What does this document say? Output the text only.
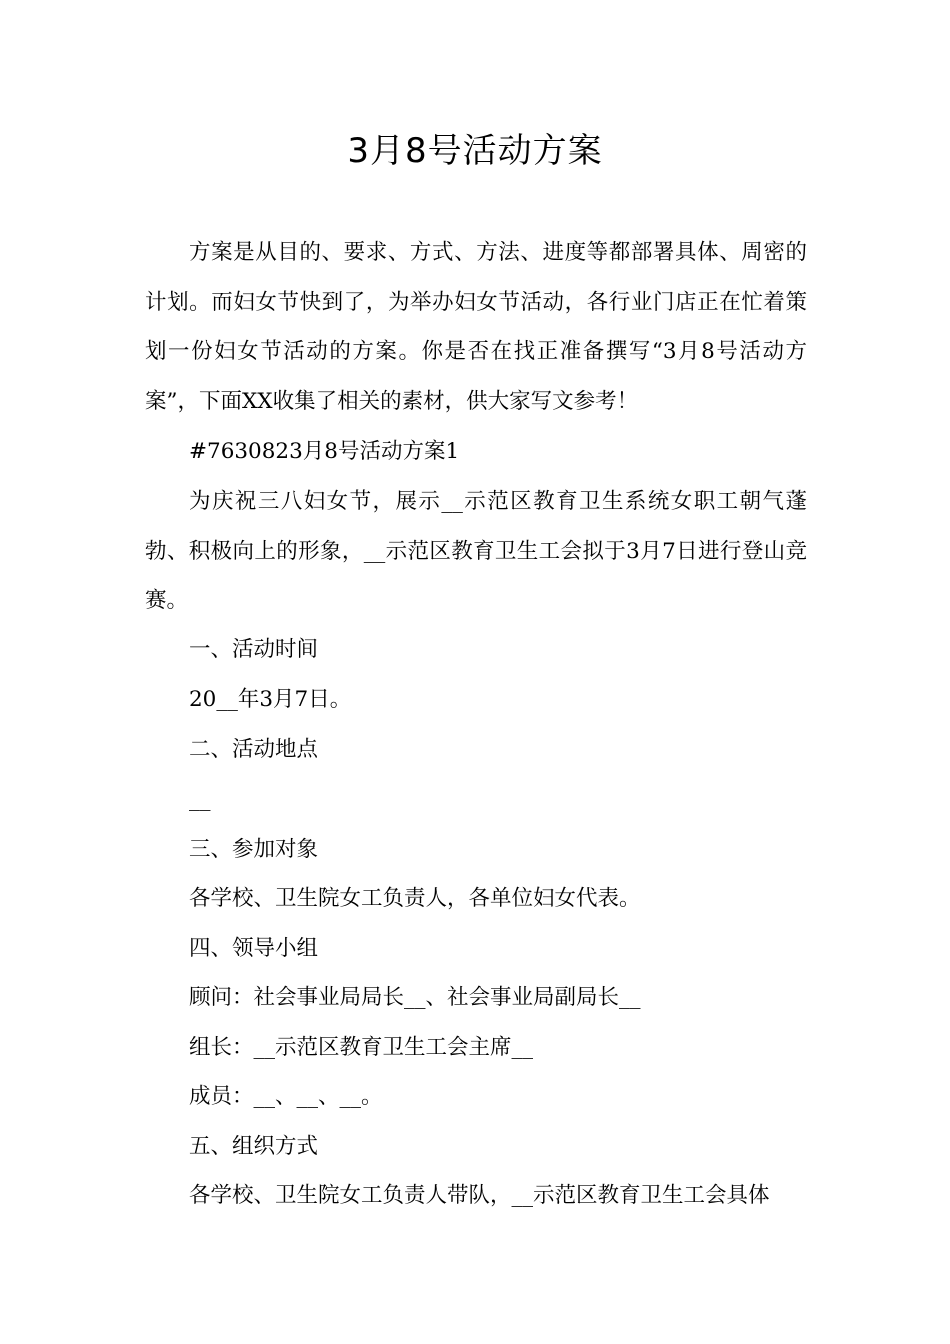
3月8号活动方案

方案是从目的、要求、方式、方法、进度等都部署具体、周密的计划。而妇女节快到了，为举办妇女节活动，各行业门店正在忙着策划一份妇女节活动的方案。你是否在找正准备撰写“3月8号活动方案”，下面XX收集了相关的素材，供大家写文参考！

#7630823月8号活动方案1

为庆祝三八妇女节，展示__示范区教育卫生系统女职工朝气蓬勃、积极向上的形象，__示范区教育卫生工会拟于3月7日进行登山竞赛。

一、活动时间

20__年3月7日。

二、活动地点

__

三、参加对象

各学校、卫生院女工负责人，各单位妇女代表。

四、领导小组

顾问：社会事业局局长__、社会事业局副局长__

组长：__示范区教育卫生工会主席__

成员：__、__、__。

五、组织方式

各学校、卫生院女工负责人带队，__示范区教育卫生工会具体
